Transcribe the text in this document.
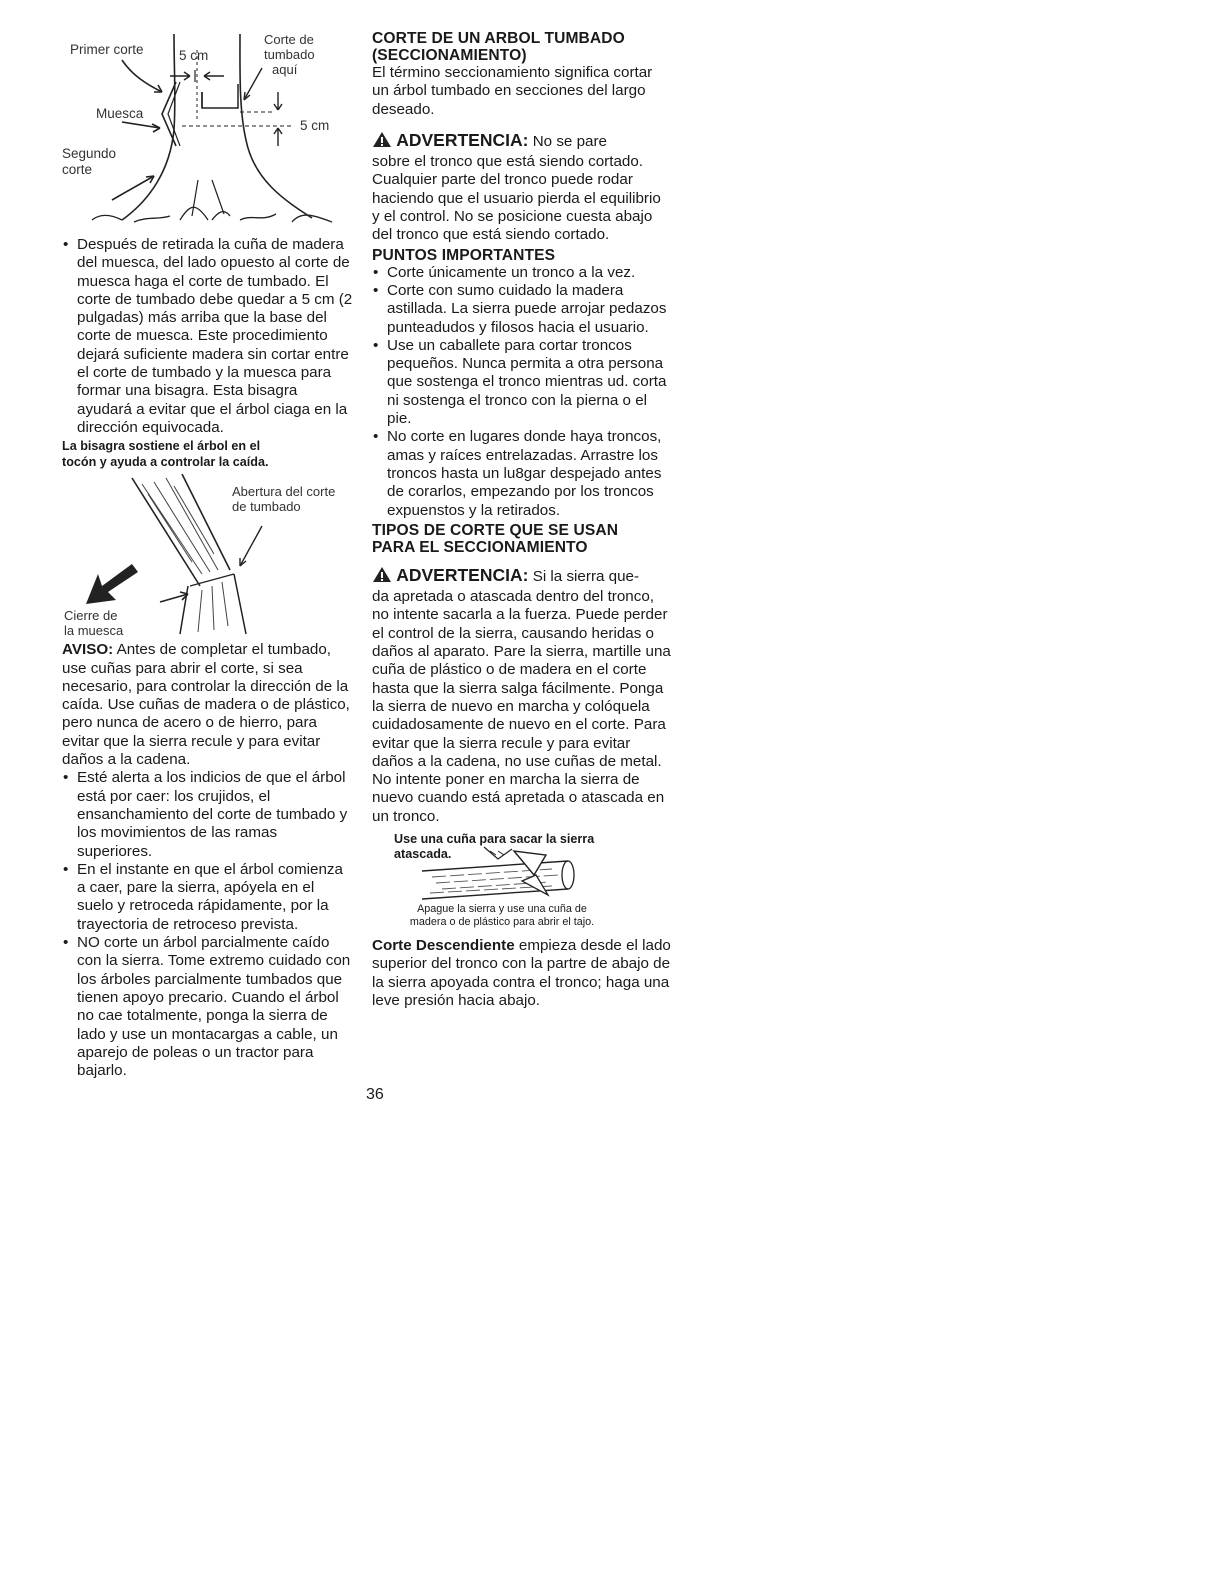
Primer corte	5 cm
Corte de
tumbado
aquí
Muesca
Segundo
corte
5 cm
• Después de retirada la cuña de madera del muesca, del lado opuesto al corte de muesca haga el corte de tumbado. El corte de tumbado debe quedar a 5 cm (2 pulgadas) más arriba que la base del corte de muesca. Este procedimiento dejará suficiente madera sin cortar entre el corte de tumbado y la muesca para formar una bisagra. Esta bisagra ayudará a evitar que el árbol ciaga en la dirección equivocada.
La bisagra sostiene el árbol en el
tocón y ayuda a controlar la caída.
Abertura del corte
de tumbado
Cierre de
la muesca

AVISO: Antes de completar el tumbado, use cuñas para abrir el corte, si sea necesario, para controlar la dirección de la caída. Use cuñas de madera o de plástico, pero nunca de acero o de hierro, para evitar que la sierra recule y para evitar daños a la cadena.

• Esté alerta a los indicios de que el árbol está por caer: los crujidos, el ensanchamiento del corte de tumbado y los movimientos de las ramas superiores.
• En el instante en que el árbol comienza a caer, pare la sierra, apóyela en el suelo y retroceda rápidamente, por la trayectoria de retroceso prevista.
• NO corte un árbol parcialmente caído con la sierra. Tome extremo cuidado con los árboles parcialmente tumbados que tienen apoyo precario. Cuando el árbol no cae totalmente, ponga la sierra de lado y use un montacargas a cable, un aparejo de poleas o un tractor para bajarlo.
CORTE DE UN ARBOL TUMBADO
(SECCIONAMIENTO)

El término seccionamiento significa cortar un árbol tumbado en secciones del largo deseado.

ADVERTENCIA: No se pare

sobre el tronco que está siendo cortado. Cualquier parte del tronco puede rodar haciendo que el usuario pierda el equilibrio y el control. No se posicione cuesta abajo del tronco que está siendo cortado.

PUNTOS IMPORTANTES
• Corte únicamente un tronco a la vez.
• Corte con sumo cuidado la madera astillada. La sierra puede arrojar pedazos punteadudos y filosos hacia el usuario.
• Use un caballete para cortar troncos pequeños. Nunca permita a otra persona que sostenga el tronco mientras ud. corta ni sostenga el tronco con la pierna o el pie.
• No corte en lugares donde haya troncos, amas y raíces entrelazadas. Arrastre los troncos hasta un lu8gar despejado antes de corarlos, empezando por los troncos expuenstos y la retirados.
TIPOS DE CORTE QUE SE USAN
PARA EL SECCIONAMIENTO

ADVERTENCIA: Si la sierra que-

da apretada o atascada dentro del tronco, no intente sacarla a la fuerza. Puede perder el control de la sierra, causando heridas o daños al aparato. Pare la sierra, martille una cuña de plástico o de madera en el corte hasta que la sierra salga fácilmente. Ponga la sierra de nuevo en marcha y colóquela cuidadosamente de nuevo en el corte. Para evitar que la sierra recule y para evitar daños a la cadena, no use cuñas de metal. No intente poner en marcha la sierra de nuevo cuando está apretada o atascada en un tronco.

Use una cuña para sacar la sierra
atascada.
Apague la sierra y use una cuña de
madera o de plástico para abrir el tajo.

Corte Descendiente empieza desde el lado superior del tronco con la partre de abajo de la sierra apoyada contra el tronco; haga una leve presión hacia abajo.

36
